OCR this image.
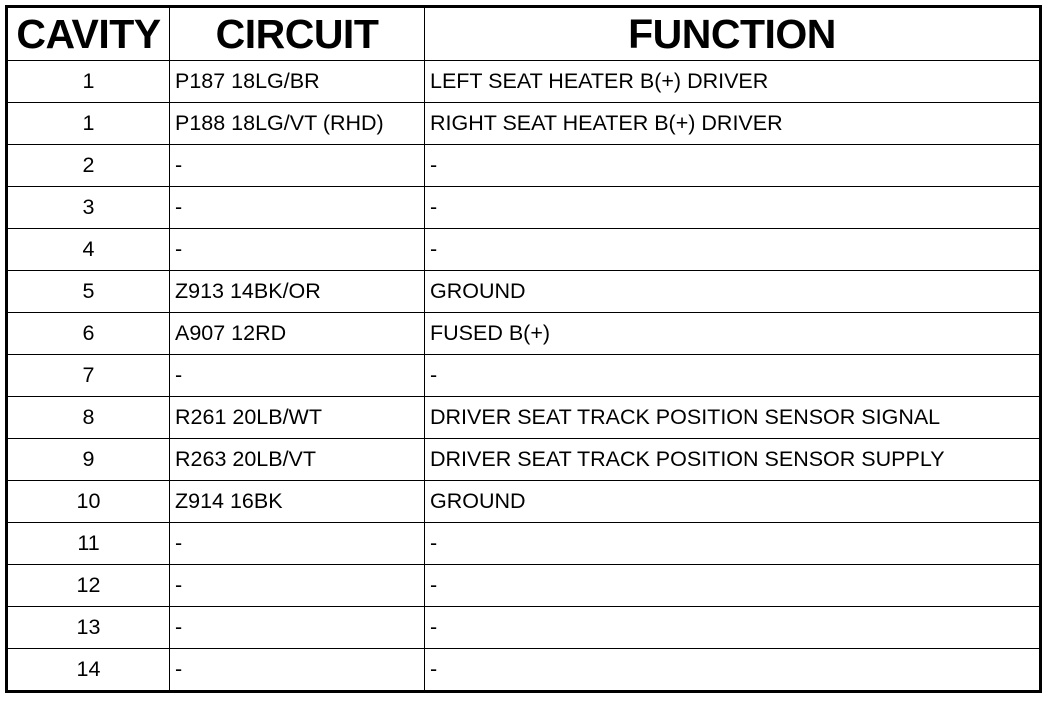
CAVITY	CIRCUIT	FUNCTION
1	P187 18LG/BR	LEFT SEAT HEATER B(+) DRIVER
1	P188 18LG/VT (RHD)	RIGHT SEAT HEATER B(+) DRIVER
2	-	-
3	-	-
4	-	-
5	Z913 14BK/OR	GROUND
6	A907 12RD	FUSED B(+)
7	-	-
8	R261 20LB/WT	DRIVER SEAT TRACK POSITION SENSOR SIGNAL
9	R263 20LB/VT	DRIVER SEAT TRACK POSITION SENSOR SUPPLY
10	Z914 16BK	GROUND
11	-	-
12	-	-
13	-	-
14	-	-
